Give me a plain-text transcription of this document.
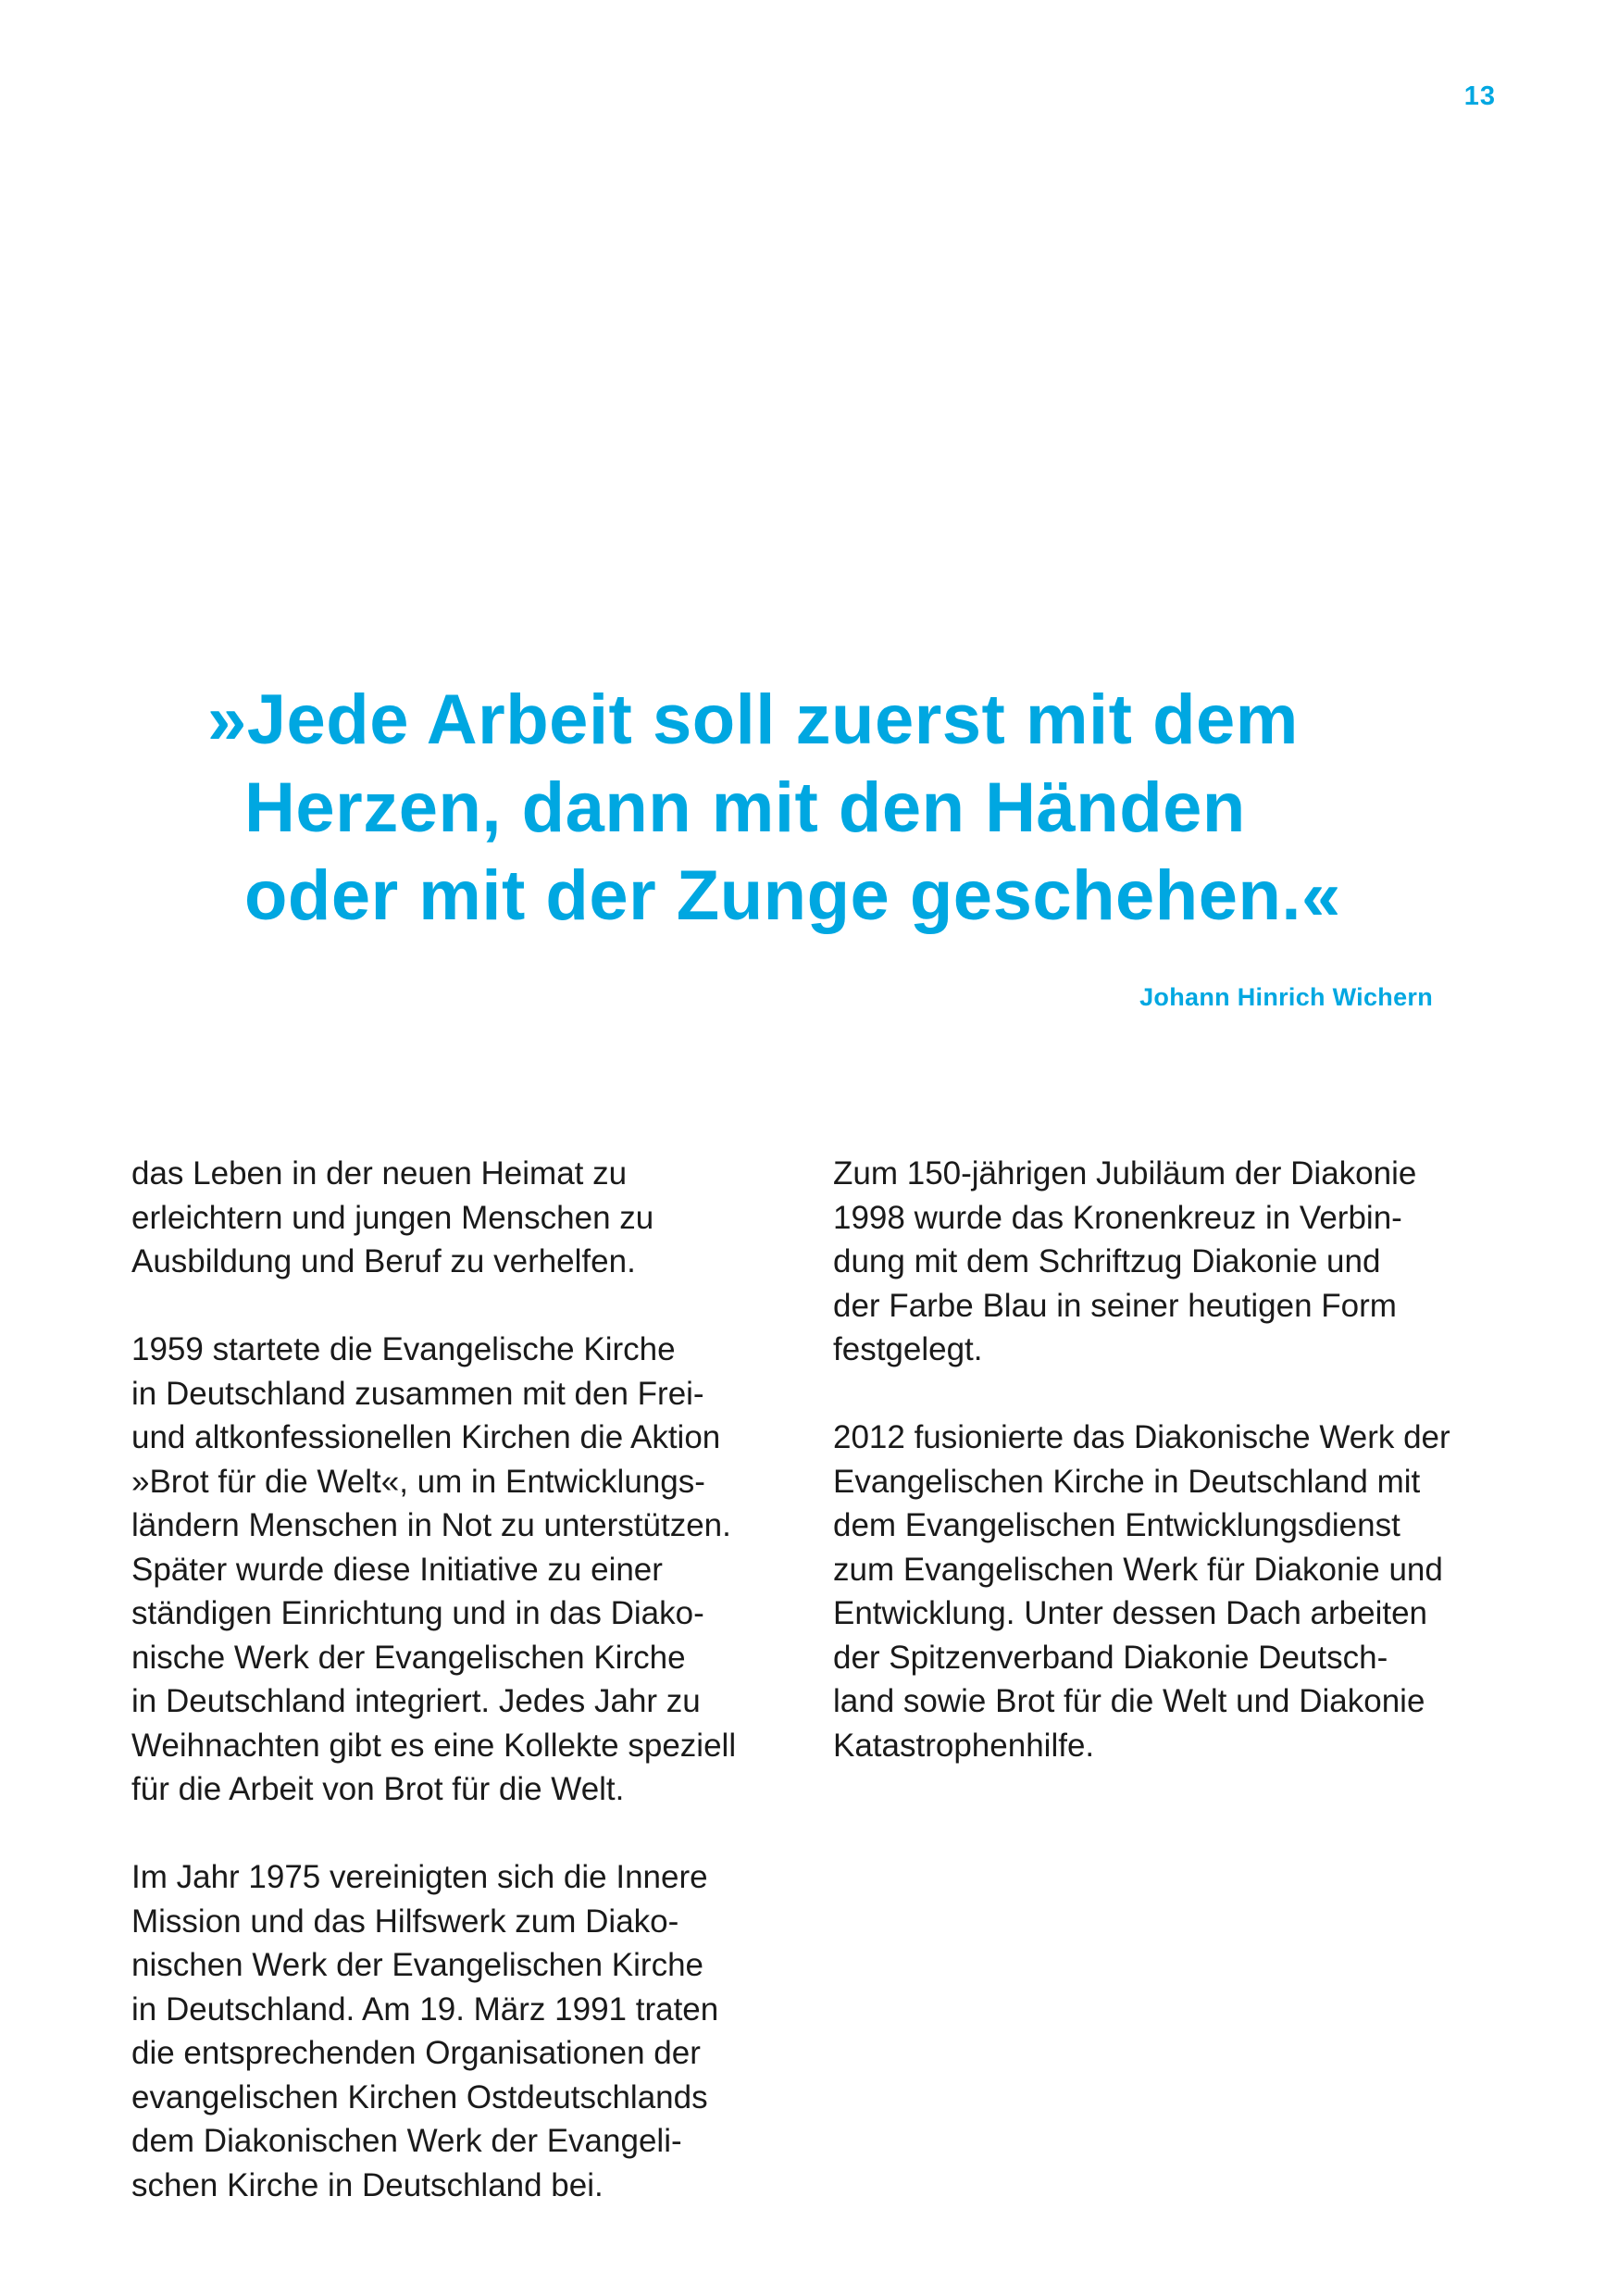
13
»Jede Arbeit soll zuerst mit dem
Herzen, dann mit den Händen
oder mit der Zunge geschehen.«
Johann Hinrich Wichern

das Leben in der neuen Heimat zu
erleichtern und jungen Menschen zu
Ausbildung und Beruf zu verhelfen.

1959 startete die Evangelische Kirche
in Deutschland zusammen mit den Frei-
und altkonfessionellen Kirchen die Aktion
»Brot für die Welt«, um in Entwicklungs-
ländern Menschen in Not zu unterstützen.
Später wurde diese Initiative zu einer
ständigen Einrichtung und in das Diako-
nische Werk der Evangelischen Kirche
in Deutschland integriert. Jedes Jahr zu
Weihnachten gibt es eine Kollekte speziell
für die Arbeit von Brot für die Welt.

Im Jahr 1975 vereinigten sich die Innere
Mission und das Hilfswerk zum Diako-
nischen Werk der Evangelischen Kirche
in Deutschland. Am 19. März 1991 traten
die entsprechenden Organisationen der
evangelischen Kirchen Ostdeutschlands
dem Diakonischen Werk der Evangeli-
schen Kirche in Deutschland bei.

Zum 150-jährigen Jubiläum der Diakonie
1998 wurde das Kronenkreuz in Verbin-
dung mit dem Schriftzug Diakonie und
der Farbe Blau in seiner heutigen Form
festgelegt.

2012 fusionierte das Diakonische Werk der
Evangelischen Kirche in Deutschland mit
dem Evangelischen Entwicklungsdienst
zum Evangelischen Werk für Diakonie und
Entwicklung. Unter dessen Dach arbeiten
der Spitzenverband Diakonie Deutsch-
land sowie Brot für die Welt und Diakonie
Katastrophenhilfe.
